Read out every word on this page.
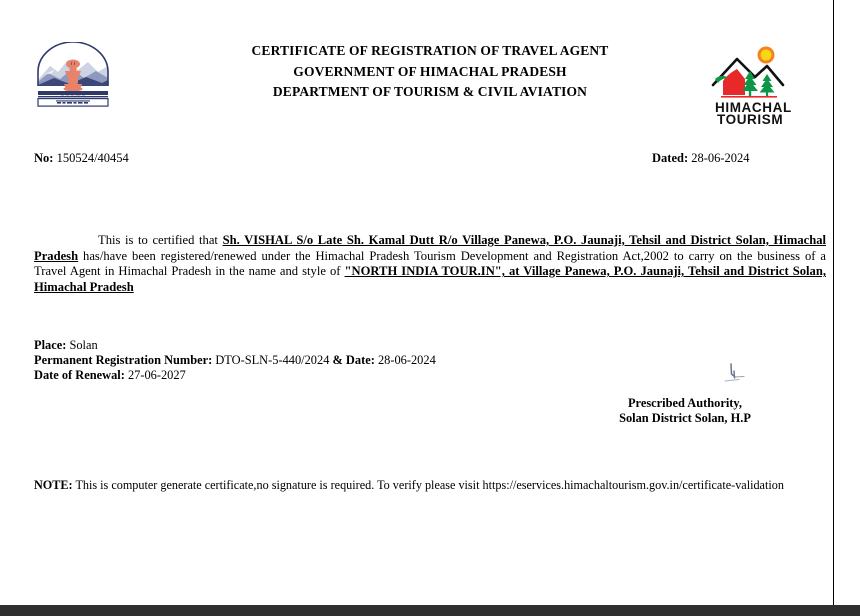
CERTIFICATE OF REGISTRATION OF TRAVEL AGENT
GOVERNMENT OF HIMACHAL PRADESH
DEPARTMENT OF TOURISM & CIVIL AVIATION
HIMACHAL
TOURISM
No: 150524/40454	Dated: 28-06-2024

This is to certified that Sh. VISHAL S/o Late Sh. Kamal Dutt R/o Village Panewa, P.O. Jaunaji, Tehsil and District Solan, Himachal Pradesh has/have been registered/renewed under the Himachal Pradesh Tourism Development and Registration Act,2002 to carry on the business of a Travel Agent in Himachal Pradesh in the name and style of "NORTH INDIA TOUR.IN", at Village Panewa, P.O. Jaunaji, Tehsil and District Solan, Himachal Pradesh

Place: Solan
Permanent Registration Number: DTO-SLN-5-440/2024 & Date: 28-06-2024
Date of Renewal: 27-06-2027
Prescribed Authority,
Solan District Solan, H.P
NOTE: This is computer generate certificate,no signature is required. To verify please visit https://eservices.himachaltourism.gov.in/certificate-validation
